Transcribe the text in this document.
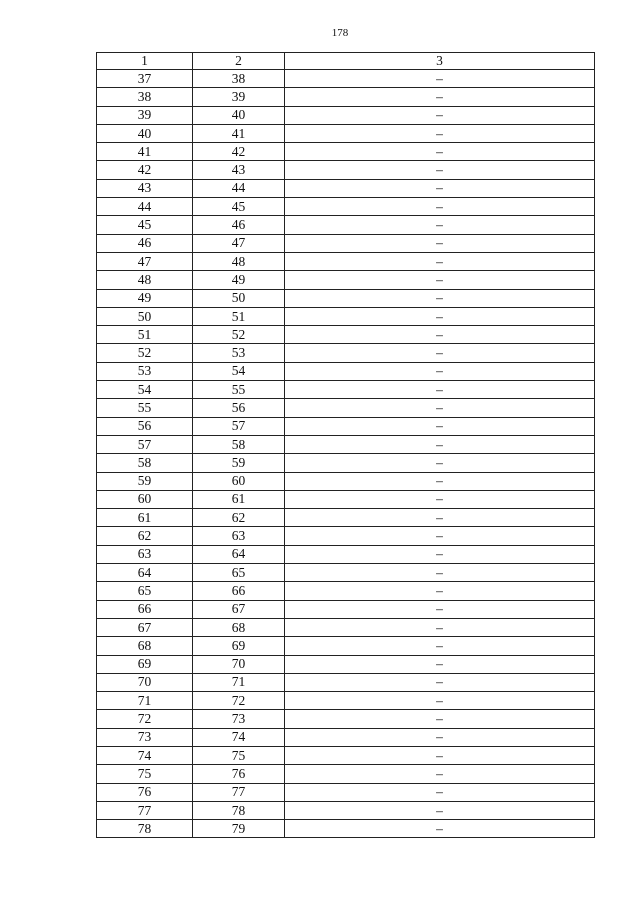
178
1	2	3
37	38	–
38	39	–
39	40	–
40	41	–
41	42	–
42	43	–
43	44	–
44	45	–
45	46	–
46	47	–
47	48	–
48	49	–
49	50	–
50	51	–
51	52	–
52	53	–
53	54	–
54	55	–
55	56	–
56	57	–
57	58	–
58	59	–
59	60	–
60	61	–
61	62	–
62	63	–
63	64	–
64	65	–
65	66	–
66	67	–
67	68	–
68	69	–
69	70	–
70	71	–
71	72	–
72	73	–
73	74	–
74	75	–
75	76	–
76	77	–
77	78	–
78	79	–
